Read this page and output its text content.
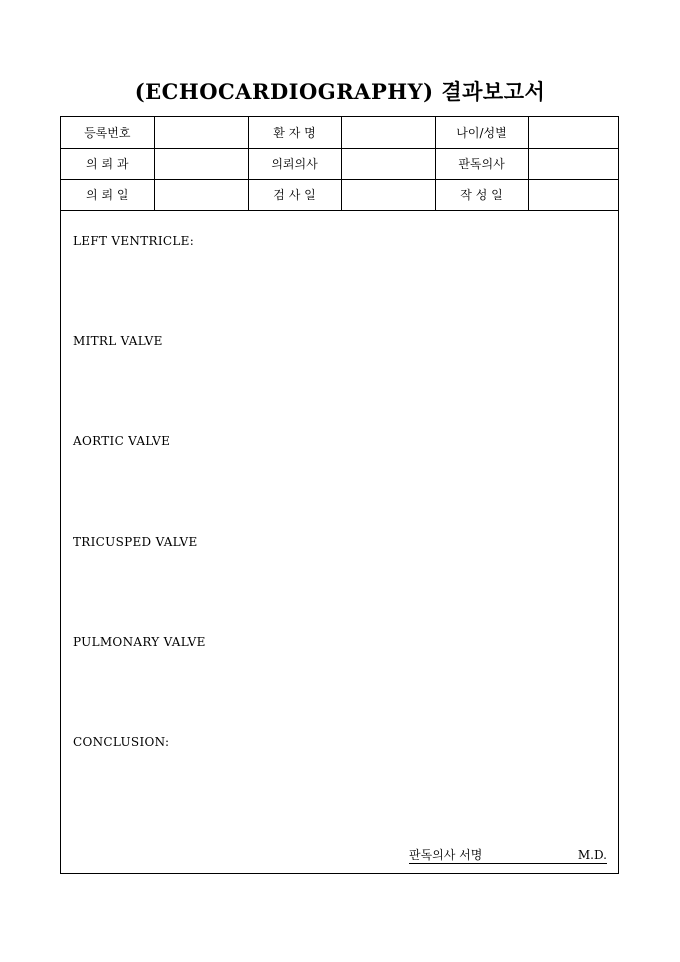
(ECHOCARDIOGRAPHY) 결과보고서
등록번호		환 자 명		나이/성별	
의 뢰 과		의뢰의사		판독의사	
의 뢰 일		검 사 일		작 성 일	
LEFT VENTRICLE:
MITRL VALVE
AORTIC VALVE
TRICUSPED VALVE
PULMONARY VALVE
CONCLUSION:
판독의사 서명	M.D.
